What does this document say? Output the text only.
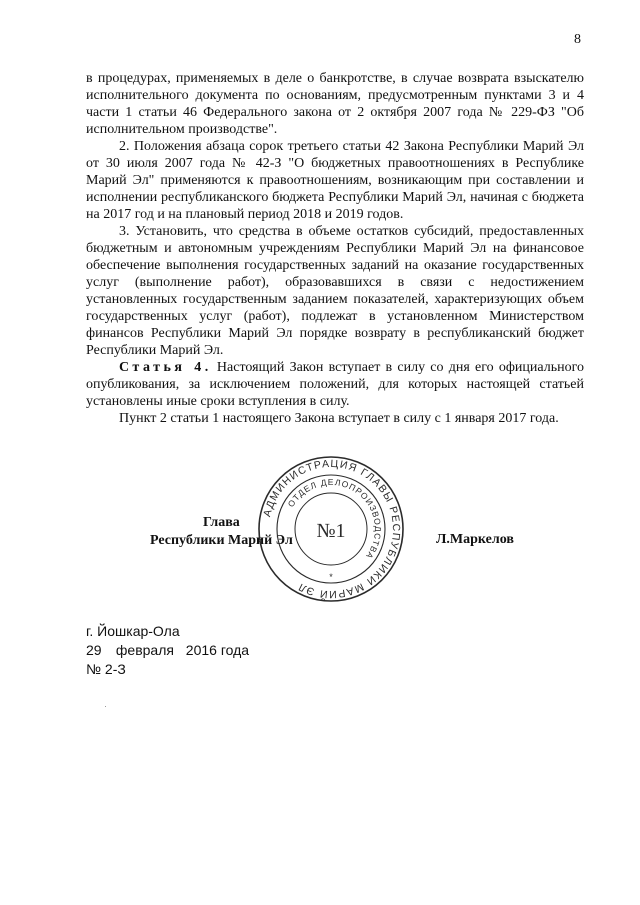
8

в процедурах, применяемых в деле о банкротстве, в случае возврата взыскателю исполнительного документа по основаниям, предусмотренным пунктами 3 и 4 части 1 статьи 46 Федерального закона от 2 октября 2007 года № 229-ФЗ "Об исполнительном производстве".

2. Положения абзаца сорок третьего статьи 42 Закона Республики Марий Эл от 30 июля 2007 года № 42-З "О бюджетных правоотношениях в Республике Марий Эл" применяются к правоотношениям, возникающим при составлении и исполнении республиканского бюджета Республики Марий Эл, начиная с бюджета на 2017 год и на плановый период 2018 и 2019 годов.

3. Установить, что средства в объеме остатков субсидий, предоставленных бюджетным и автономным учреждениям Республики Марий Эл на финансовое обеспечение выполнения государственных заданий на оказание государственных услуг (выполнение работ), образовавшихся в связи с недостижением установленных государственным заданием показателей, характеризующих объем государственных услуг (работ), подлежат в установленном Министерством финансов Республики Марий Эл порядке возврату в республиканский бюджет Республики Марий Эл.

Статья 4. Настоящий Закон вступает в силу со дня его официального опубликования, за исключением положений, для которых настоящей статьей установлены иные сроки вступления в силу.

Пункт 2 статьи 1 настоящего Закона вступает в силу с 1 января 2017 года.

Глава
Республики Марий Эл
АДМИНИСТРАЦИЯ ГЛАВЫ РЕСПУБЛИКИ МАРИЙ ЭЛ
ОТДЕЛ ДЕЛОПРОИЗВОДСТВА
№1
*
Л.Маркелов
г. Йошкар-Ола
29 февраля 2016 года
№ 2-З
